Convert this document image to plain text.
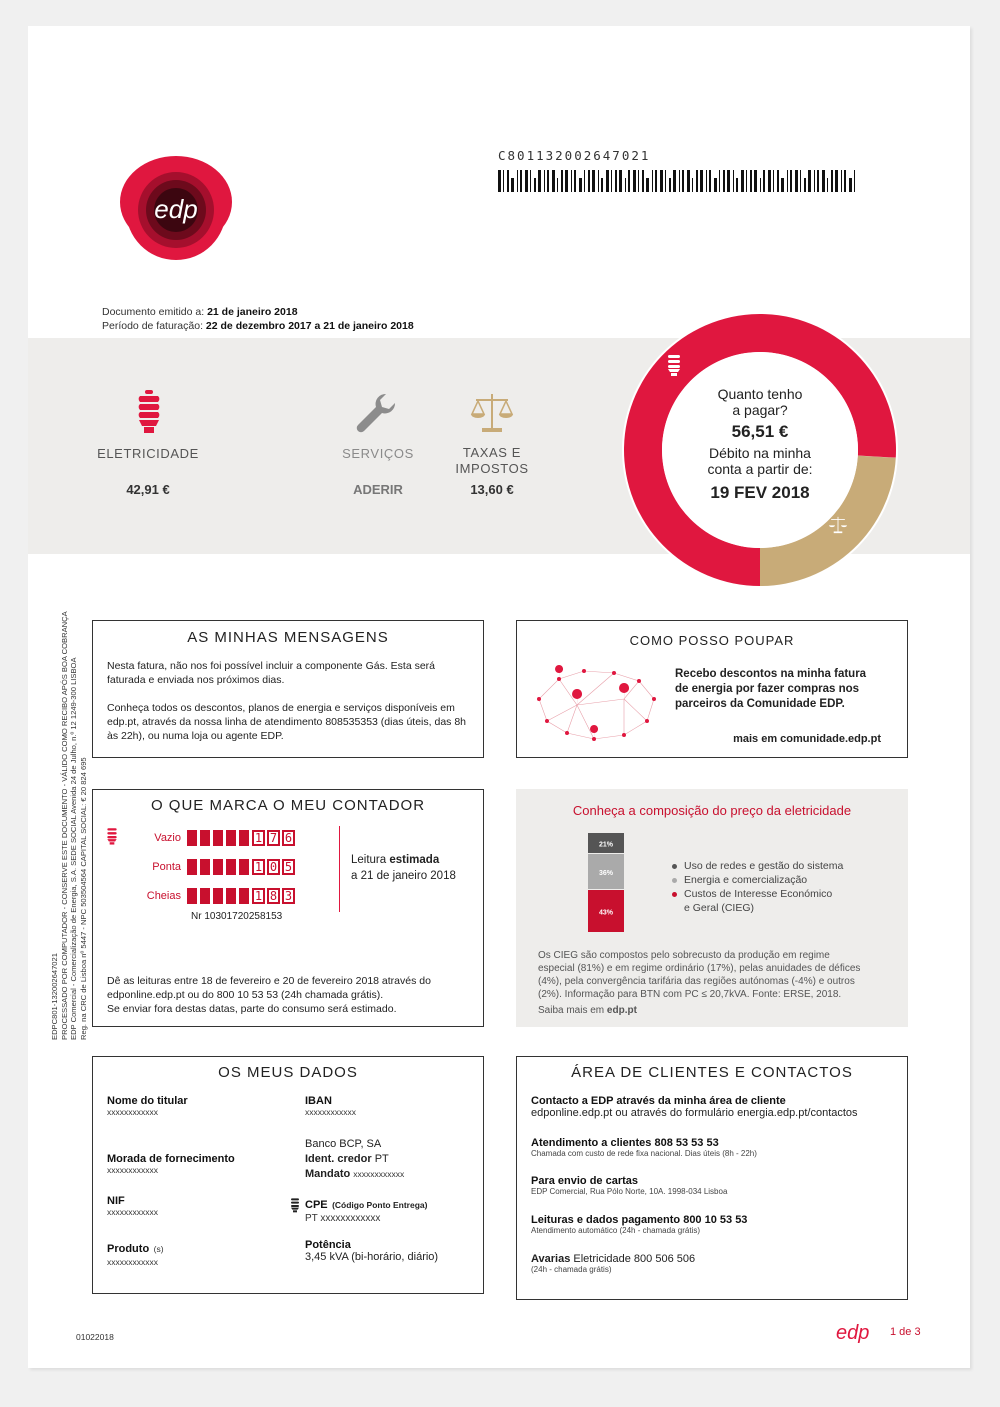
edp
C801132002647021
Documento emitido a: 21 de janeiro 2018
Período de faturação: 22 de dezembro 2017 a 21 de janeiro 2018
ELETRICIDADE
42,91 €
SERVIÇOS
ADERIR
TAXAS E
IMPOSTOS
13,60 €
Quanto tenho
a pagar?
56,51 €
Débito na minha
conta a partir de:
19 FEV 2018
EDPC801-132002647021 PROCESSADO POR COMPUTADOR - CONSERVE ESTE DOCUMENTO - VÁLIDO COMO RECIBO APÓS BOA COBRANÇA EDP Comercial - Comercialização de Energia, S.A. SEDE SOCIAL Avenida 24 de Julho, n.º 12 1249-300 LISBOA Reg. na CRC de Lisboa nº 5447 - NPC 503504564 CAPITAL SOCIAL: € 20 824 695
AS MINHAS MENSAGENS
Nesta fatura, não nos foi possível incluir a componente Gás. Esta será
faturada e enviada nos próximos dias.
Conheça todos os descontos, planos de energia e serviços disponíveis em
edp.pt, através da nossa linha de atendimento 808535353 (dias úteis, das 8h
às 22h), ou numa loja ou agente EDP.
COMO POSSO POUPAR
Recebo descontos na minha fatura
de energia por fazer compras nos
parceiros da Comunidade EDP.
mais em comunidade.edp.pt
O QUE MARCA O MEU CONTADOR
Vazio	1 7 6
Ponta	1 0 5
Cheias	1 8 3
Nr 10301720258153
Leitura estimada
a 21 de janeiro 2018
Dê as leituras entre 18 de fevereiro e 20 de fevereiro 2018 através do
edponline.edp.pt ou do 800 10 53 53 (24h chamada grátis).
Se enviar fora destas datas, parte do consumo será estimado.
Conheça a composição do preço da eletricidade
43%
36%
21%
Uso de redes e gestão do sistema
Energia e comercialização
Custos de Interesse Económico
e Geral (CIEG)
Os CIEG são compostos pelo sobrecusto da produção em regime
especial (81%) e em regime ordinário (17%), pelas anuidades de défices
(4%), pela convergência tarifária das regiões autónomas (-4%) e outros
(2%). Informação para BTN com PC ≤ 20,7kVA. Fonte: ERSE, 2018.
Saiba mais em edp.pt
OS MEUS DADOS
Nome do titular
xxxxxxxxxxxx
Morada de fornecimento
xxxxxxxxxxxx
NIF
xxxxxxxxxxxx
Produto (s)
xxxxxxxxxxxx
IBAN
xxxxxxxxxxxx
Banco BCP, SA
Ident. credor PT
Mandato xxxxxxxxxxxx
CPE (Código Ponto Entrega)
PT xxxxxxxxxxxx
Potência
3,45 kVA (bi-horário, diário)
ÁREA DE CLIENTES E CONTACTOS
Contacto a EDP através da minha área de cliente
edponline.edp.pt ou através do formulário energia.edp.pt/contactos
Atendimento a clientes 808 53 53 53
Chamada com custo de rede fixa nacional. Dias úteis (8h - 22h)
Para envio de cartas
EDP Comercial, Rua Pólo Norte, 10A. 1998-034 Lisboa
Leituras e dados pagamento 800 10 53 53
Atendimento automático (24h - chamada grátis)
Avarias Eletricidade 800 506 506
(24h - chamada grátis)
01022018	edp 1 de 3
